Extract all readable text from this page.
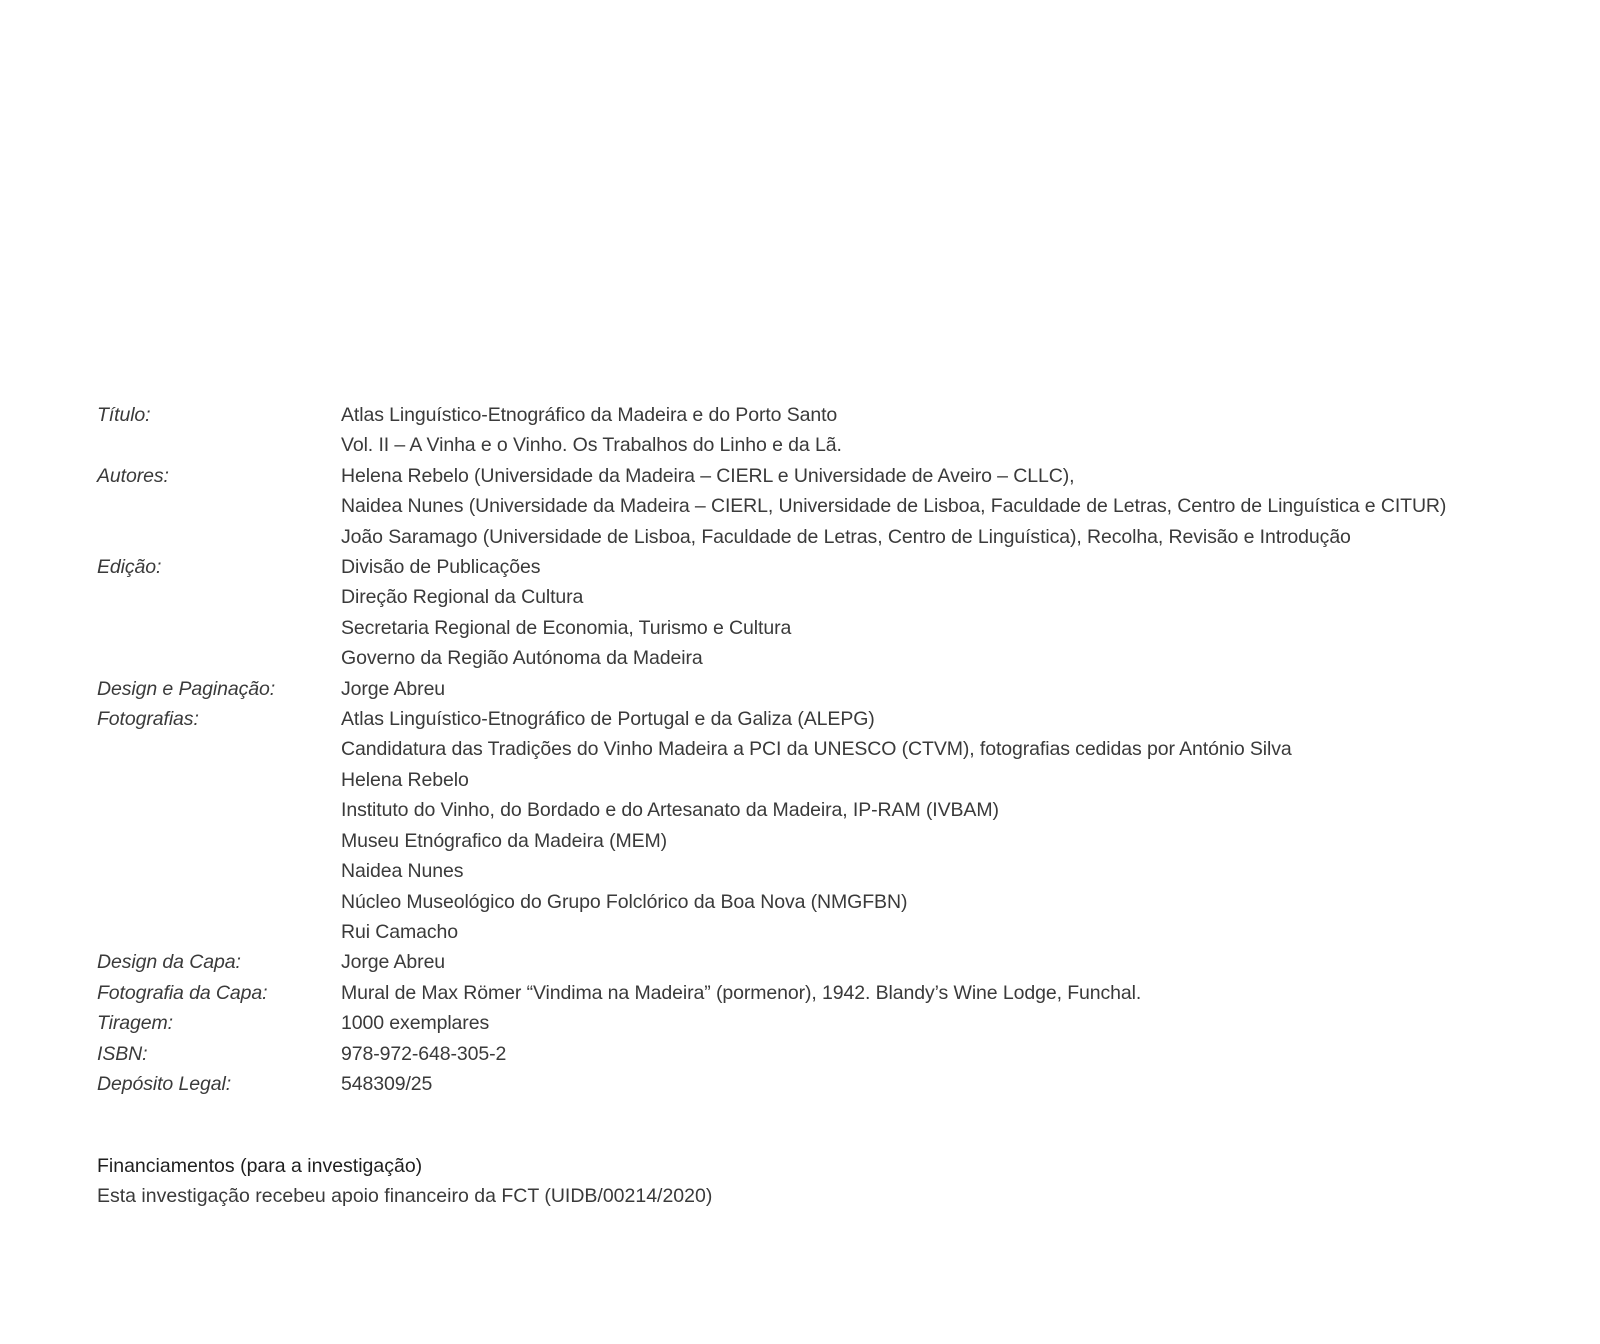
Título:	Atlas Linguístico-Etnográfico da Madeira e do Porto Santo
Vol. II – A Vinha e o Vinho. Os Trabalhos do Linho e da Lã.
Autores:	Helena Rebelo (Universidade da Madeira – CIERL e Universidade de Aveiro – CLLC),
Naidea Nunes (Universidade da Madeira – CIERL, Universidade de Lisboa, Faculdade de Letras, Centro de Linguística e CITUR)
João Saramago (Universidade de Lisboa, Faculdade de Letras, Centro de Linguística), Recolha, Revisão e Introdução
Edição:	Divisão de Publicações
Direção Regional da Cultura
Secretaria Regional de Economia, Turismo e Cultura
Governo da Região Autónoma da Madeira
Design e Paginação:	Jorge Abreu
Fotografias:	Atlas Linguístico-Etnográfico de Portugal e da Galiza (ALEPG)
Candidatura das Tradições do Vinho Madeira a PCI da UNESCO (CTVM), fotografias cedidas por António Silva
Helena Rebelo
Instituto do Vinho, do Bordado e do Artesanato da Madeira, IP-RAM (IVBAM)
Museu Etnógrafico da Madeira (MEM)
Naidea Nunes
Núcleo Museológico do Grupo Folclórico da Boa Nova (NMGFBN)
Rui Camacho
Design da Capa:	Jorge Abreu
Fotografia da Capa:	Mural de Max Römer “Vindima na Madeira” (pormenor), 1942. Blandy’s Wine Lodge, Funchal.
Tiragem:	1000 exemplares
ISBN:	978-972-648-305-2
Depósito Legal:	548309/25
Financiamentos (para a investigação)
Esta investigação recebeu apoio financeiro da FCT (UIDB/00214/2020)
